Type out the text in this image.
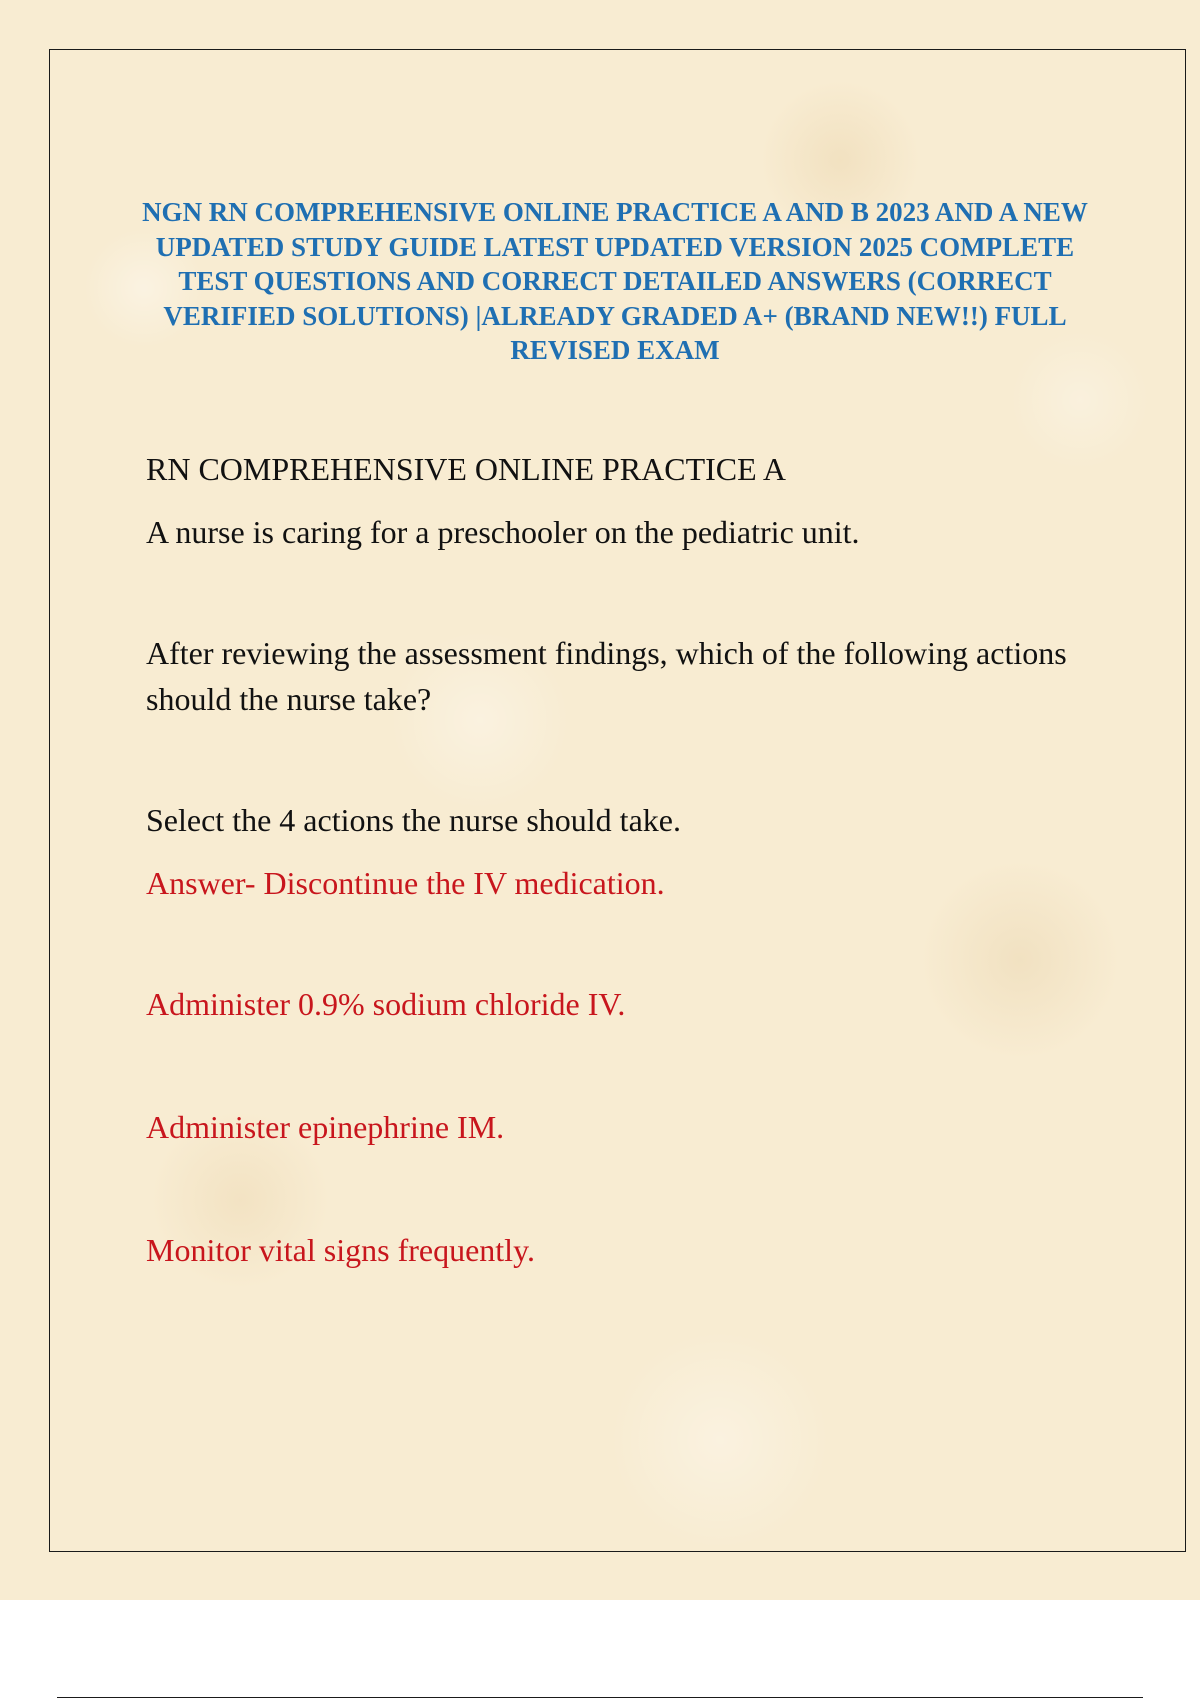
NGN RN COMPREHENSIVE ONLINE PRACTICE A AND B 2023 AND A NEW UPDATED STUDY GUIDE LATEST UPDATED VERSION 2025 COMPLETE TEST QUESTIONS AND CORRECT DETAILED ANSWERS (CORRECT VERIFIED SOLUTIONS) |ALREADY GRADED A+ (BRAND NEW!!) FULL REVISED EXAM

RN COMPREHENSIVE ONLINE PRACTICE A

A nurse is caring for a preschooler on the pediatric unit.

After reviewing the assessment findings, which of the following actions should the nurse take?

Select the 4 actions the nurse should take.

Answer- Discontinue the IV medication.

Administer 0.9% sodium chloride IV.

Administer epinephrine IM.

Monitor vital signs frequently.
